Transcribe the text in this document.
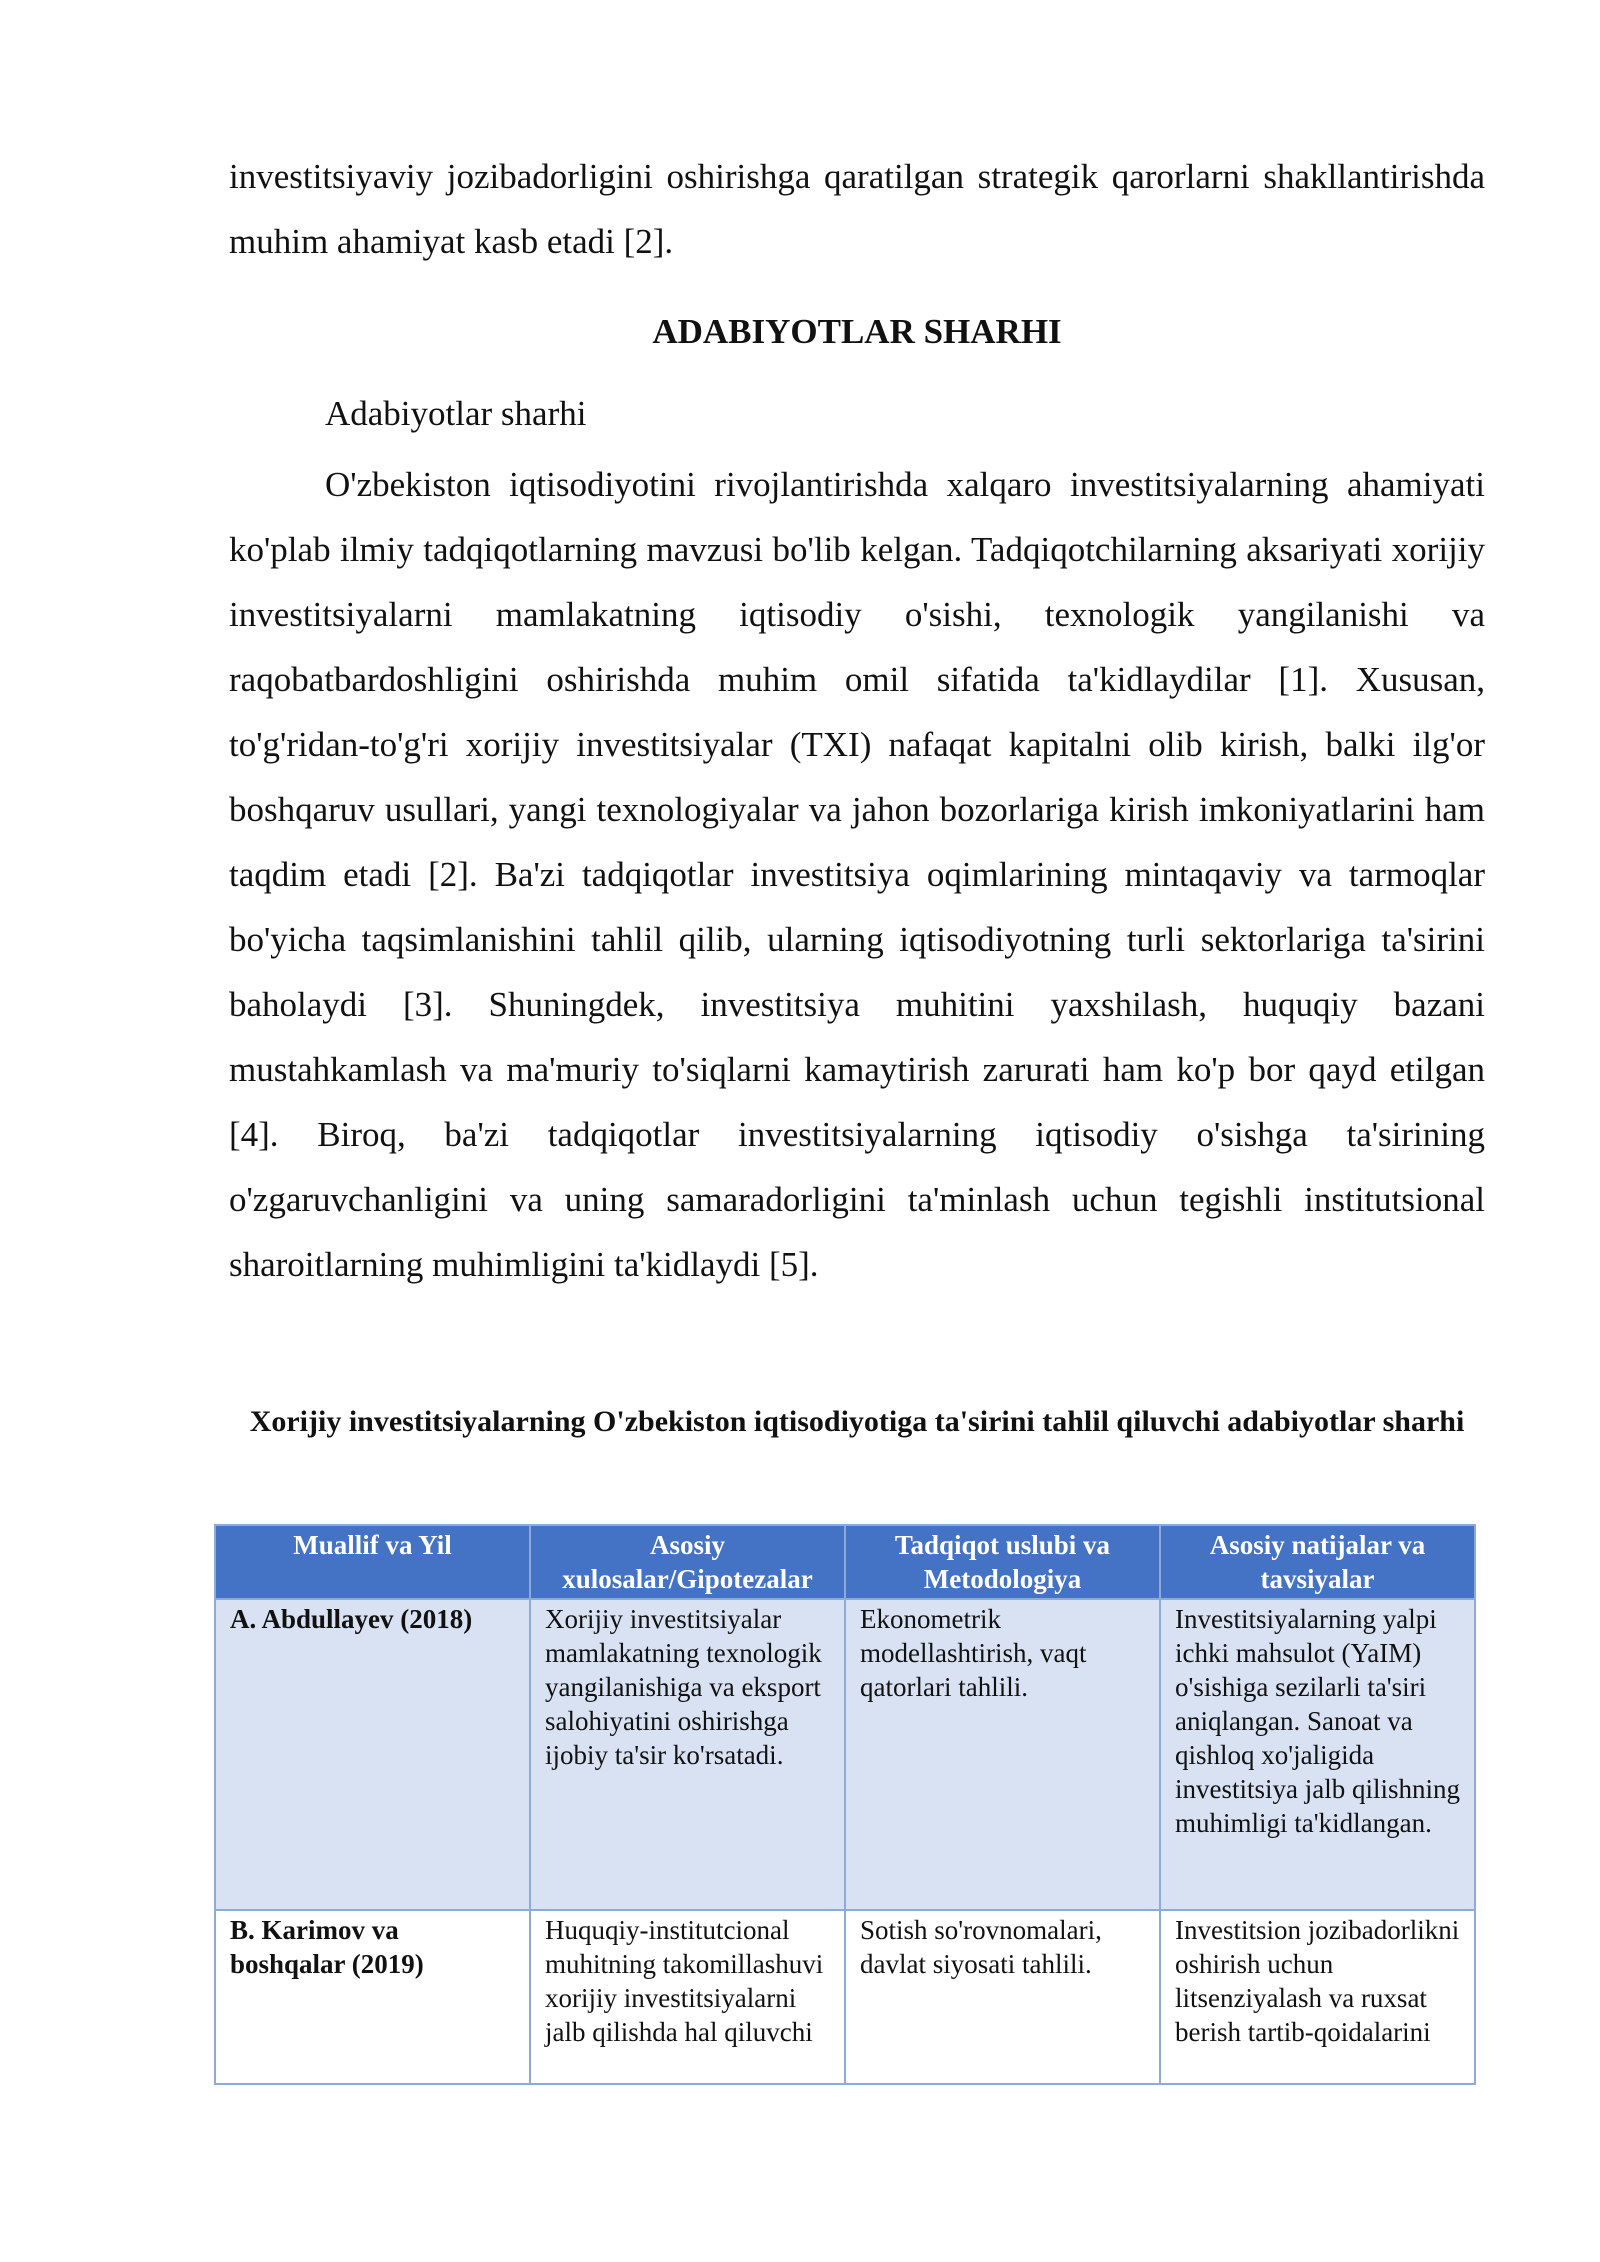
investitsiyaviy jozibadorligini oshirishga qaratilgan strategik qarorlarni shakllantirishda muhim ahamiyat kasb etadi [2].

ADABIYOTLAR SHARHI

Adabiyotlar sharhi

O'zbekiston iqtisodiyotini rivojlantirishda xalqaro investitsiyalarning ahamiyati ko'plab ilmiy tadqiqotlarning mavzusi bo'lib kelgan. Tadqiqotchilarning aksariyati xorijiy investitsiyalarni mamlakatning iqtisodiy o'sishi, texnologik yangilanishi va raqobatbardoshligini oshirishda muhim omil sifatida ta'kidlaydilar [1]. Xususan, to'g'ridan-to'g'ri xorijiy investitsiyalar (TXI) nafaqat kapitalni olib kirish, balki ilg'or boshqaruv usullari, yangi texnologiyalar va jahon bozorlariga kirish imkoniyatlarini ham taqdim etadi [2]. Ba'zi tadqiqotlar investitsiya oqimlarining mintaqaviy va tarmoqlar bo'yicha taqsimlanishini tahlil qilib, ularning iqtisodiyotning turli sektorlariga ta'sirini baholaydi [3]. Shuningdek, investitsiya muhitini yaxshilash, huquqiy bazani mustahkamlash va ma'muriy to'siqlarni kamaytirish zarurati ham ko'p bor qayd etilgan [4]. Biroq, ba'zi tadqiqotlar investitsiyalarning iqtisodiy o'sishga ta'sirining o'zgaruvchanligini va uning samaradorligini ta'minlash uchun tegishli institutsional sharoitlarning muhimligini ta'kidlaydi [5].

Xorijiy investitsiyalarning O'zbekiston iqtisodiyotiga ta'sirini tahlil qiluvchi adabiyotlar sharhi

Muallif va Yil	Asosiy xulosalar/Gipotezalar	Tadqiqot uslubi va Metodologiya	Asosiy natijalar va tavsiyalar
A. Abdullayev (2018)	Xorijiy investitsiyalar mamlakatning texnologik yangilanishiga va eksport salohiyatini oshirishga ijobiy ta'sir ko'rsatadi.	Ekonometrik modellashtirish, vaqt qatorlari tahlili.	Investitsiyalarning yalpi ichki mahsulot (YaIM) o'sishiga sezilarli ta'siri aniqlangan. Sanoat va qishloq xo'jaligida investitsiya jalb qilishning muhimligi ta'kidlangan.
B. Karimov va boshqalar (2019)	Huquqiy-institutcional muhitning takomillashuvi xorijiy investitsiyalarni jalb qilishda hal qiluvchi	Sotish so'rovnomalari, davlat siyosati tahlili.	Investitsion jozibadorlikni oshirish uchun litsenziyalash va ruxsat berish tartib-qoidalarini
